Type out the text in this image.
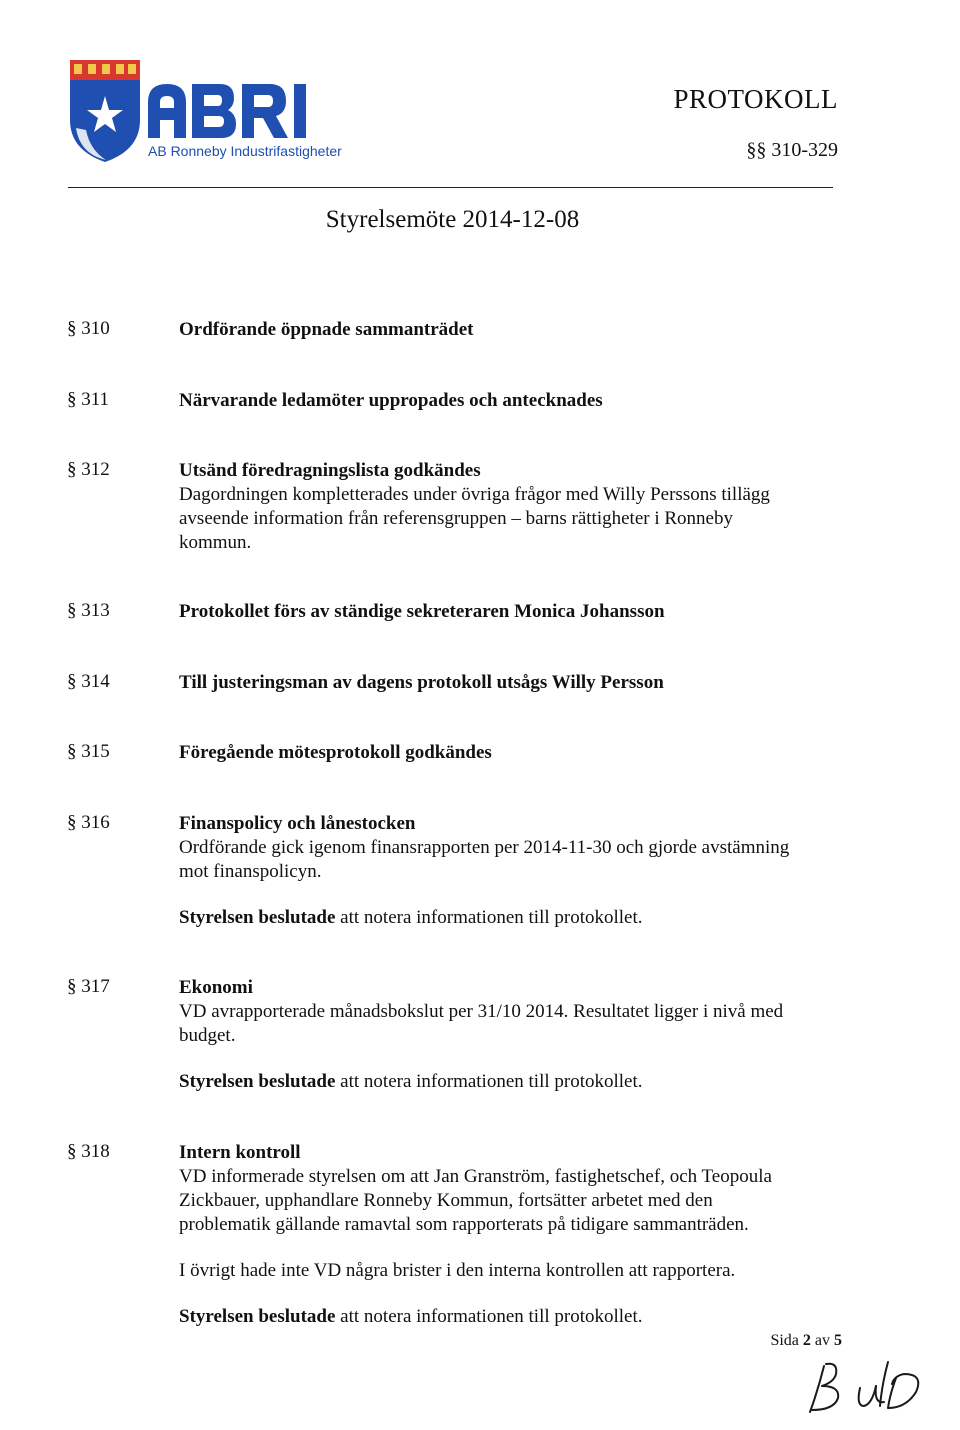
AB Ronneby Industrifastigheter
PROTOKOLL
§§ 310-329
Styrelsemöte 2014-12-08
§ 310	Ordförande öppnade sammanträdet
§ 311	Närvarande ledamöter uppropades och antecknades
§ 312	Utsänd föredragningslista godkändes
Dagordningen kompletterades under övriga frågor med Willy Perssons tillägg
avseende information från referensgruppen – barns rättigheter i Ronneby
kommun.
§ 313	Protokollet förs av ständige sekreteraren Monica Johansson
§ 314	Till justeringsman av dagens protokoll utsågs Willy Persson
§ 315	Föregående mötesprotokoll godkändes
§ 316	Finanspolicy och lånestocken
Ordförande gick igenom finansrapporten per 2014-11-30 och gjorde avstämning
mot finanspolicyn.
Styrelsen beslutade att notera informationen till protokollet.
§ 317	Ekonomi
VD avrapporterade månadsbokslut per 31/10 2014. Resultatet ligger i nivå med
budget.
Styrelsen beslutade att notera informationen till protokollet.
§ 318	Intern kontroll
VD informerade styrelsen om att Jan Granström, fastighetschef, och Teopoula
Zickbauer, upphandlare Ronneby Kommun, fortsätter arbetet med den
problematik gällande ramavtal som rapporterats på tidigare sammanträden.
I övrigt hade inte VD några brister i den interna kontrollen att rapportera.
Styrelsen beslutade att notera informationen till protokollet.
Sida 2 av 5
